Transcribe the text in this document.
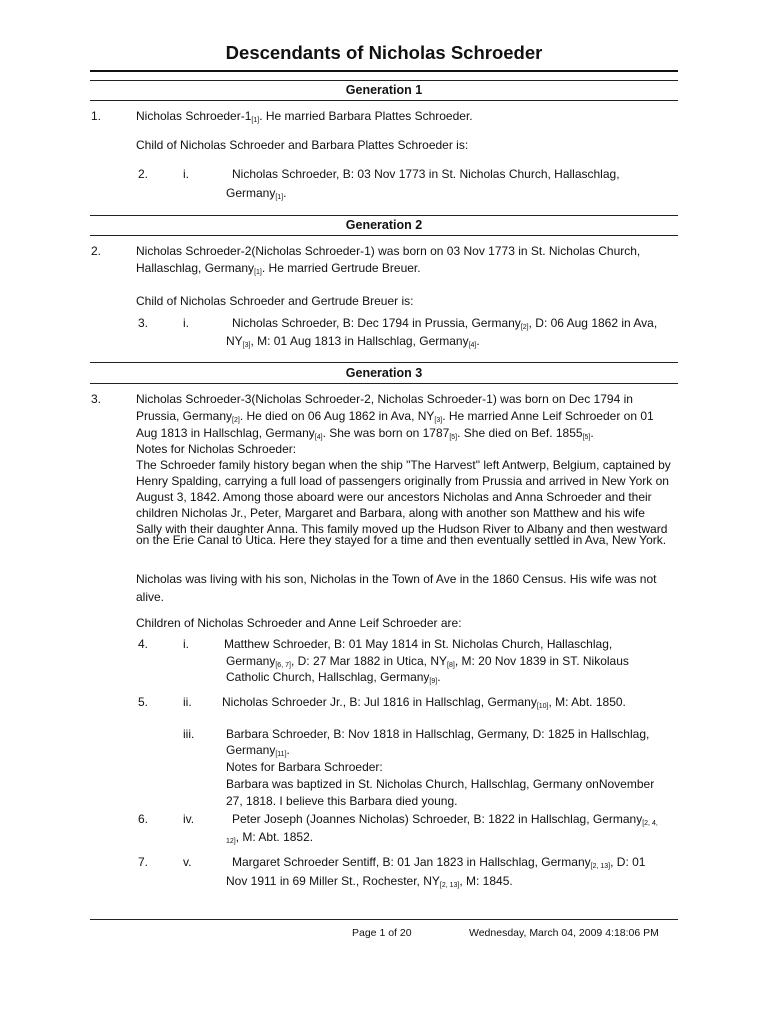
Descendants of Nicholas Schroeder
Generation 1
1.	Nicholas Schroeder-1[1]. He married Barbara Plattes Schroeder.
Child of Nicholas Schroeder and Barbara Plattes Schroeder is:
2.	i.	Nicholas Schroeder, B: 03 Nov 1773 in St. Nicholas Church, Hallaschlag,
Germany[1].
Generation 2
2.	Nicholas Schroeder-2(Nicholas Schroeder-1) was born on 03 Nov 1773 in St. Nicholas Church,
Hallaschlag, Germany[1]. He married Gertrude Breuer.
Child of Nicholas Schroeder and Gertrude Breuer is:
3.	i.	Nicholas Schroeder, B: Dec 1794 in Prussia, Germany[2], D: 06 Aug 1862 in Ava,
NY[3], M: 01 Aug 1813 in Hallschlag, Germany[4].
Generation 3
3.	Nicholas Schroeder-3(Nicholas Schroeder-2, Nicholas Schroeder-1) was born on Dec 1794 in
Prussia, Germany[2]. He died on 06 Aug 1862 in Ava, NY[3]. He married Anne Leif Schroeder on 01
Aug 1813 in Hallschlag, Germany[4]. She was born on 1787[5]. She died on Bef. 1855[5].
Notes for Nicholas Schroeder:
The Schroeder family history began when the ship "The Harvest" left Antwerp, Belgium, captained by
Henry Spalding, carrying a full load of passengers originally from Prussia and arrived in New York on
August 3, 1842. Among those aboard were our ancestors Nicholas and Anna Schroeder and their
children Nicholas Jr., Peter, Margaret and Barbara, along with another son Matthew and his wife
Sally with their daughter Anna. This family moved up the Hudson River to Albany and then westward
on the Erie Canal to Utica. Here they stayed for a time and then eventually settled in Ava, New York.
Nicholas was living with his son, Nicholas in the Town of Ave in the 1860 Census. His wife was not
alive.
Children of Nicholas Schroeder and Anne Leif Schroeder are:
4.	i.	Matthew Schroeder, B: 01 May 1814 in St. Nicholas Church, Hallaschlag,
Germany[6, 7], D: 27 Mar 1882 in Utica, NY[8], M: 20 Nov 1839 in ST. Nikolaus
Catholic Church, Hallschlag, Germany[9].
5.	ii.	Nicholas Schroeder Jr., B: Jul 1816 in Hallschlag, Germany[10], M: Abt. 1850.
iii.	Barbara Schroeder, B: Nov 1818 in Hallschlag, Germany, D: 1825 in Hallschlag,
Germany[11].
Notes for Barbara Schroeder:
Barbara was baptized in St. Nicholas Church, Hallschlag, Germany onNovember
27, 1818. I believe this Barbara died young.
6.	iv.	Peter Joseph (Joannes Nicholas) Schroeder, B: 1822 in Hallschlag, Germany[2, 4,
12], M: Abt. 1852.
7.	v.	Margaret Schroeder Sentiff, B: 01 Jan 1823 in Hallschlag, Germany[2, 13], D: 01
Nov 1911 in 69 Miller St., Rochester, NY[2, 13], M: 1845.
Page 1 of 20	Wednesday, March 04, 2009 4:18:06 PM
